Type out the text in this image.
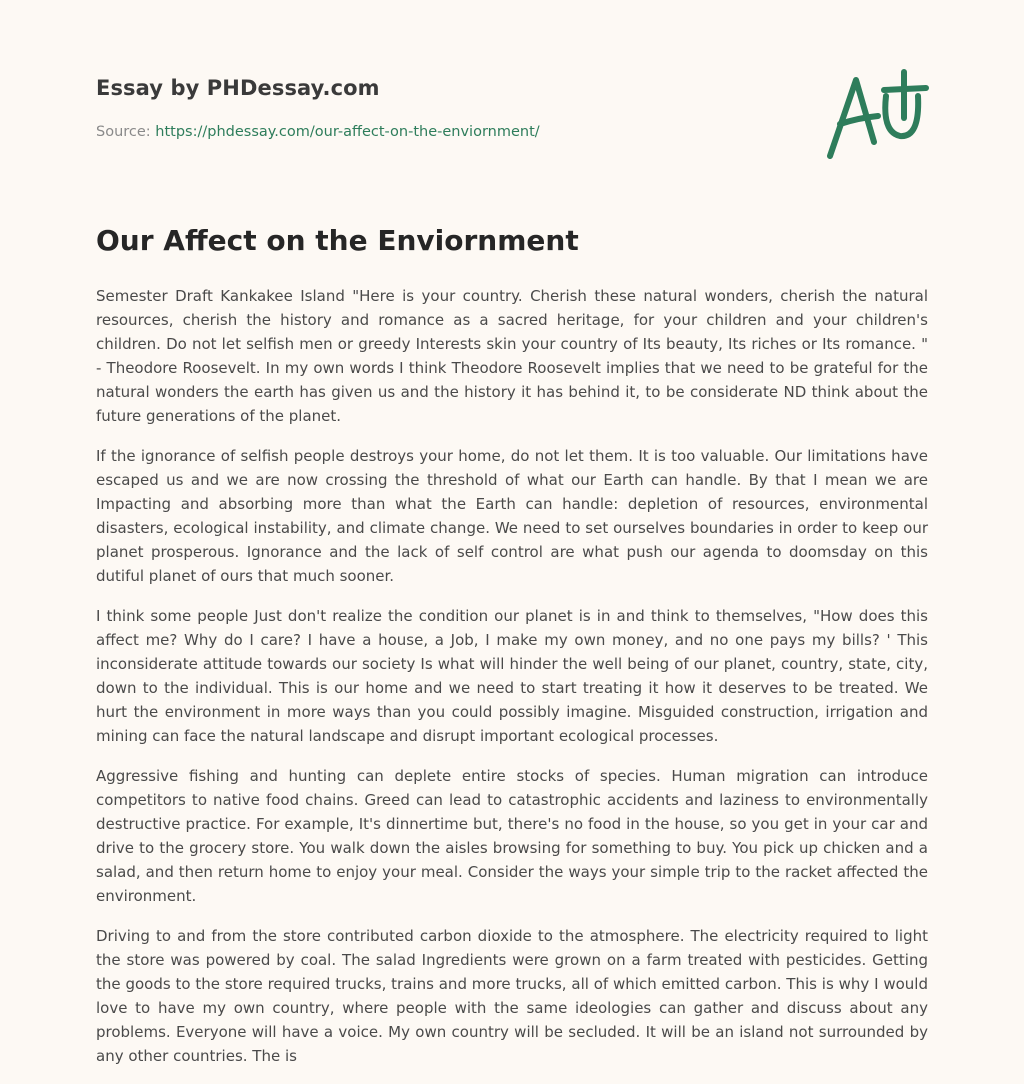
Essay by PHDessay.com
Source: https://phdessay.com/our-affect-on-the-enviornment/
Our Affect on the Enviornment

Semester Draft Kankakee Island "Here is your country. Cherish these natural wonders, cherish the natural resources, cherish the history and romance as a sacred heritage, for your children and your children's children. Do not let selfish men or greedy Interests skin your country of Its beauty, Its riches or Its romance. " - Theodore Roosevelt. In my own words I think Theodore Roosevelt implies that we need to be grateful for the natural wonders the earth has given us and the history it has behind it, to be considerate ND think about the future generations of the planet.

If the ignorance of selfish people destroys your home, do not let them. It is too valuable. Our limitations have escaped us and we are now crossing the threshold of what our Earth can handle. By that I mean we are Impacting and absorbing more than what the Earth can handle: depletion of resources, environmental disasters, ecological instability, and climate change. We need to set ourselves boundaries in order to keep our planet prosperous. Ignorance and the lack of self control are what push our agenda to doomsday on this dutiful planet of ours that much sooner.

I think some people Just don't realize the condition our planet is in and think to themselves, "How does this affect me? Why do I care? I have a house, a Job, I make my own money, and no one pays my bills? ' This inconsiderate attitude towards our society Is what will hinder the well being of our planet, country, state, city, down to the individual. This is our home and we need to start treating it how it deserves to be treated. We hurt the environment in more ways than you could possibly imagine. Misguided construction, irrigation and mining can face the natural landscape and disrupt important ecological processes.

Aggressive fishing and hunting can deplete entire stocks of species. Human migration can introduce competitors to native food chains. Greed can lead to catastrophic accidents and laziness to environmentally destructive practice. For example, It's dinnertime but, there's no food in the house, so you get in your car and drive to the grocery store. You walk down the aisles browsing for something to buy. You pick up chicken and a salad, and then return home to enjoy your meal. Consider the ways your simple trip to the racket affected the environment.

Driving to and from the store contributed carbon dioxide to the atmosphere. The electricity required to light the store was powered by coal. The salad Ingredients were grown on a farm treated with pesticides. Getting the goods to the store required trucks, trains and more trucks, all of which emitted carbon. This is why I would love to have my own country, where people with the same ideologies can gather and discuss about any problems. Everyone will have a voice. My own country will be secluded. It will be an island not surrounded by any other countries. The is
